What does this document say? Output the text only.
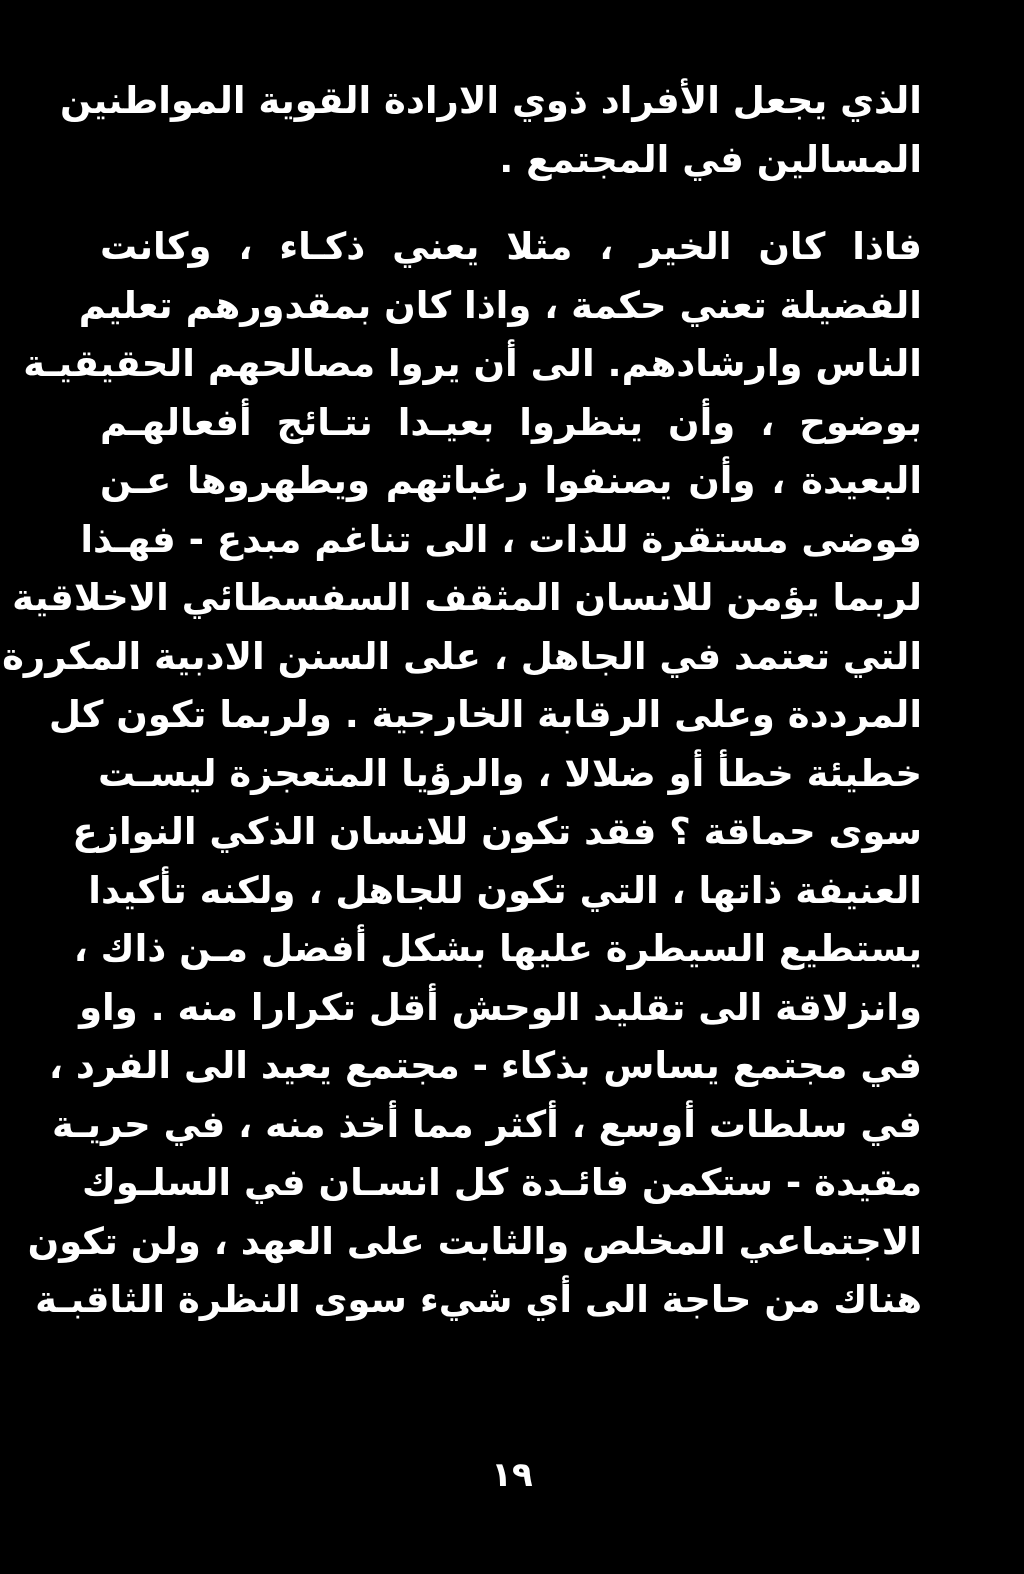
الذي يجعل الأفراد ذوي الارادة القوية المواطنين
المسالين في المجتمع .
فاذا كان الخير ، مثلا يعني ذكـاء ، وكانت
الفضيلة تعني حكمة ، واذا كان بمقدورهم تعليم
الناس وارشادهم. الى أن يروا مصالحهم الحقيقيـة
بوضوح ، وأن ينظروا بعيـدا نتـائج أفعالهـم
البعيدة ، وأن يصنفوا رغباتهم ويطهروها عـن
فوضى مستقرة للذات ، الى تناغم مبدع - فهـذا
لربما يؤمن للانسان المثقف السفسطائي الاخلاقية
التي تعتمد في الجاهل ، على السنن الادبية المكررة
المرددة وعلى الرقابة الخارجية . ولربما تكون كل
خطيئة خطأ أو ضلالا ، والرؤيا المتعجزة ليسـت
سوى حماقة ؟ فقد تكون للانسان الذكي النوازع
العنيفة ذاتها ، التي تكون للجاهل ، ولكنه تأكيدا
يستطيع السيطرة عليها بشكل أفضل مـن ذاك ،
وانزلاقة الى تقليد الوحش أقل تكرارا منه . واو
في مجتمع يساس بذكاء - مجتمع يعيد الى الفرد ،
في سلطات أوسع ، أكثر مما أخذ منه ، في حريـة
مقيدة - ستكمن فائـدة كل انسـان في السلـوك
الاجتماعي المخلص والثابت على العهد ، ولن تكون
هناك من حاجة الى أي شيء سوى النظرة الثاقبـة
١٩
